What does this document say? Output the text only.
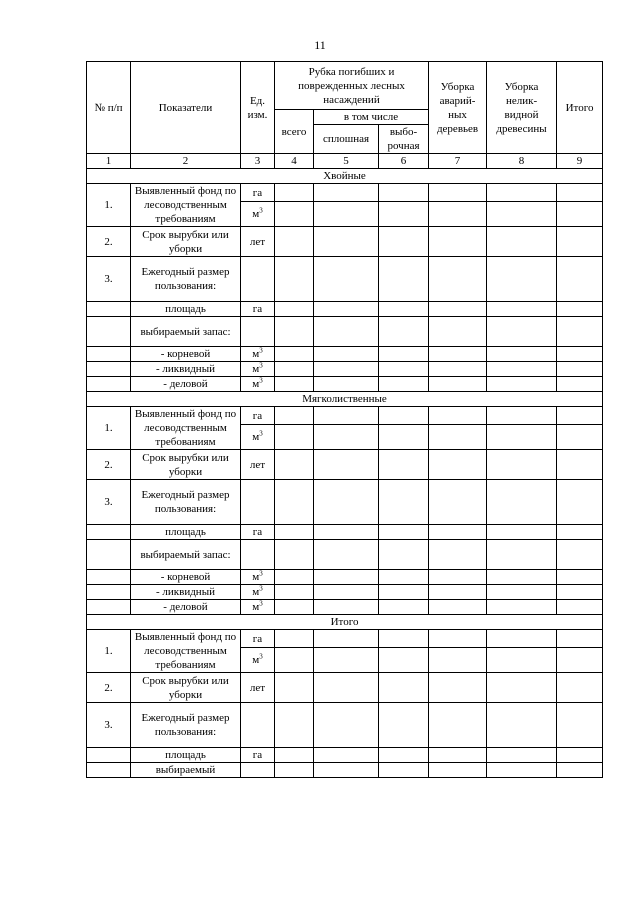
11
№ п/п	Показатели	Ед. изм.	Рубка погибших и поврежденных лесных насаждений			Уборка аварий-ных деревьев	Уборка нелик-видной древесины	Итого
			всего	в том числе				
				сплошная	выбо-рочная			
1	2	3	4	5	6	7	8	9
Хвойные								
1.	Выявленный фонд по лесоводственным требованиям	га						
		$м^3$						
2.	Срок вырубки или уборки	лет						
3.	Ежегодный размер пользования:							
	площадь	га						
	выбираемый запас:							
	- корневой	$м^3$						
	- ликвидный	$м^3$						
	- деловой	$м^3$						
Мягколиственные								
1.	Выявленный фонд по лесоводственным требованиям	га						
		$м^3$						
2.	Срок вырубки или уборки	лет						
3.	Ежегодный размер пользования:							
	площадь	га						
	выбираемый запас:							
	- корневой	$м^3$						
	- ликвидный	$м^3$						
	- деловой	$м^3$						
Итого								
1.	Выявленный фонд по лесоводственным требованиям	га						
		$м^3$						
2.	Срок вырубки или уборки	лет						
3.	Ежегодный размер пользования:							
	площадь	га						
	выбираемый							
